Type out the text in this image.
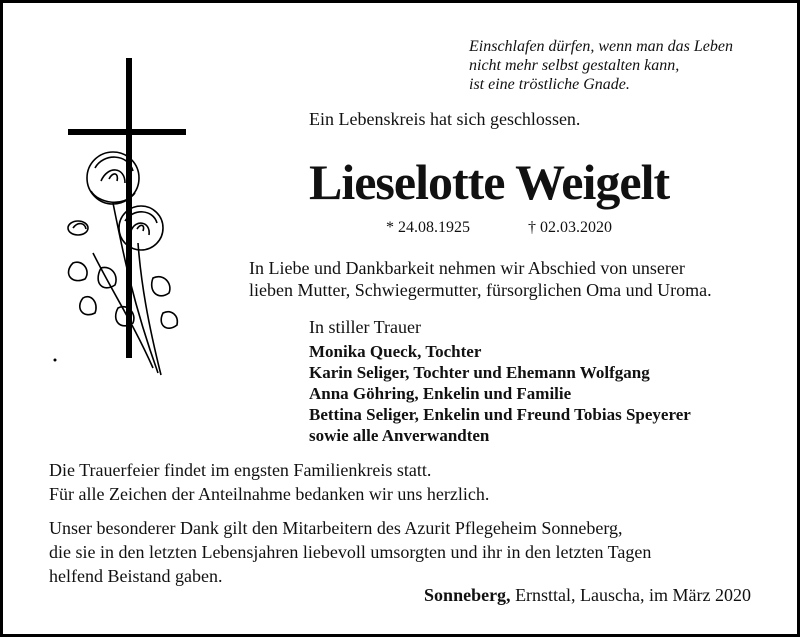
Einschlafen dürfen, wenn man das Leben
nicht mehr selbst gestalten kann,
ist eine tröstliche Gnade.
Ein Lebenskreis hat sich geschlossen.
Lieselotte Weigelt
* 24.08.1925	† 02.03.2020
In Liebe und Dankbarkeit nehmen wir Abschied von unserer
lieben Mutter, Schwiegermutter, fürsorglichen Oma und Uroma.
In stiller Trauer
Monika Queck, Tochter
Karin Seliger, Tochter und Ehemann Wolfgang
Anna Göhring, Enkelin und Familie
Bettina Seliger, Enkelin und Freund Tobias Speyerer
sowie alle Anverwandten
Die Trauerfeier findet im engsten Familienkreis statt.
Für alle Zeichen der Anteilnahme bedanken wir uns herzlich.
Unser besonderer Dank gilt den Mitarbeitern des Azurit Pflegeheim Sonneberg,
die sie in den letzten Lebensjahren liebevoll umsorgten und ihr in den letzten Tagen
helfend Beistand gaben.
Sonneberg, Ernsttal, Lauscha, im März 2020
